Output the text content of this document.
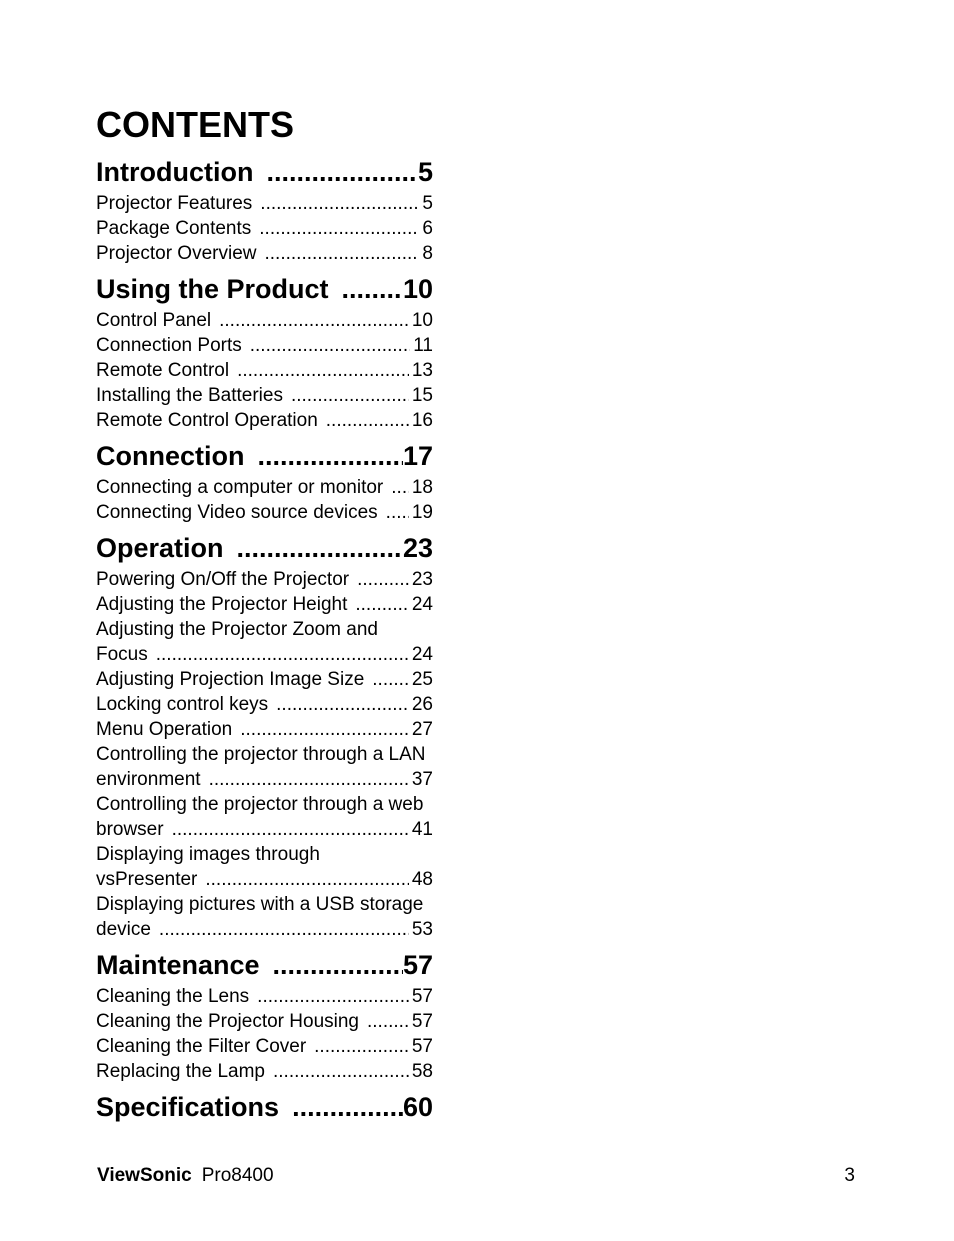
CONTENTS
Introduction .....	5
Projector Features .....	5
Package Contents .....	6
Projector Overview .....	8
Using the Product .....	10
Control Panel .....	10
Connection Ports .....	11
Remote Control .....	13
Installing the Batteries .....	15
Remote Control Operation .....	16
Connection .....	17
Connecting a computer or monitor ..... 18
Connecting Video source devices ..... 19
Operation .....	23
Powering On/Off the Projector .....	23
Adjusting the Projector Height .....	24
Adjusting the Projector Zoom and
Focus .....	24
Adjusting Projection Image Size .....	25
Locking control keys .....	26
Menu Operation .....	27
Controlling the projector through a LAN
environment .....	37
Controlling the projector through a web
browser .....	41
Displaying images through
vsPresenter .....	48
Displaying pictures with a USB storage
device .....	53
Maintenance .....	57
Cleaning the Lens .....	57
Cleaning the Projector Housing .....	57
Cleaning the Filter Cover .....	57
Replacing the Lamp .....	58
Specifications .....	60
ViewSonic Pro8400	3
